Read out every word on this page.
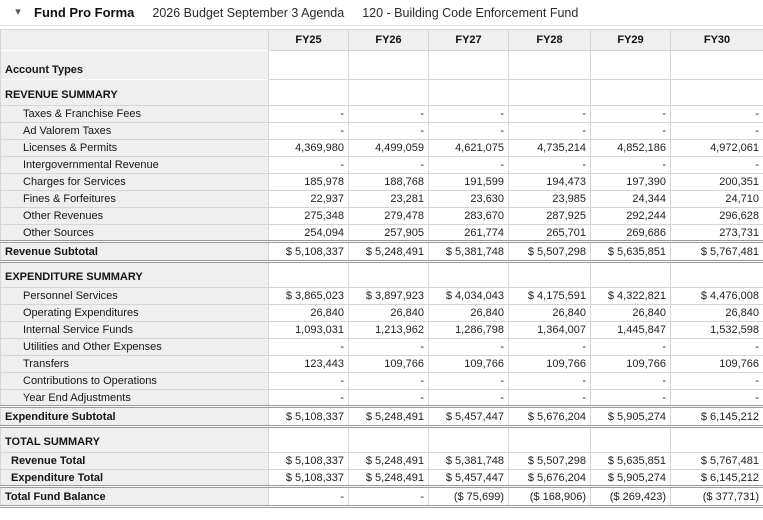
▾	Fund Pro Forma 2026 Budget September 3 Agenda 120 - Building Code Enforcement Fund
	FY25	FY26	FY27	FY28	FY29	FY30
Account Types						
REVENUE SUMMARY						
Taxes & Franchise Fees	-	-	-	-	-	-
Ad Valorem Taxes	-	-	-	-	-	-
Licenses & Permits	4,369,980	4,499,059	4,621,075	4,735,214	4,852,186	4,972,061
Intergovernmental Revenue	-	-	-	-	-	-
Charges for Services	185,978	188,768	191,599	194,473	197,390	200,351
Fines & Forfeitures	22,937	23,281	23,630	23,985	24,344	24,710
Other Revenues	275,348	279,478	283,670	287,925	292,244	296,628
Other Sources	254,094	257,905	261,774	265,701	269,686	273,731
Revenue Subtotal	$ 5,108,337	$ 5,248,491	$ 5,381,748	$ 5,507,298	$ 5,635,851	$ 5,767,481
EXPENDITURE SUMMARY						
Personnel Services	$ 3,865,023	$ 3,897,923	$ 4,034,043	$ 4,175,591	$ 4,322,821	$ 4,476,008
Operating Expenditures	26,840	26,840	26,840	26,840	26,840	26,840
Internal Service Funds	1,093,031	1,213,962	1,286,798	1,364,007	1,445,847	1,532,598
Utilities and Other Expenses	-	-	-	-	-	-
Transfers	123,443	109,766	109,766	109,766	109,766	109,766
Contributions to Operations	-	-	-	-	-	-
Year End Adjustments	-	-	-	-	-	-
Expenditure Subtotal	$ 5,108,337	$ 5,248,491	$ 5,457,447	$ 5,676,204	$ 5,905,274	$ 6,145,212
TOTAL SUMMARY						
Revenue Total	$ 5,108,337	$ 5,248,491	$ 5,381,748	$ 5,507,298	$ 5,635,851	$ 5,767,481
Expenditure Total	$ 5,108,337	$ 5,248,491	$ 5,457,447	$ 5,676,204	$ 5,905,274	$ 6,145,212
Total Fund Balance	-	-	($ 75,699)	($ 168,906)	($ 269,423)	($ 377,731)
